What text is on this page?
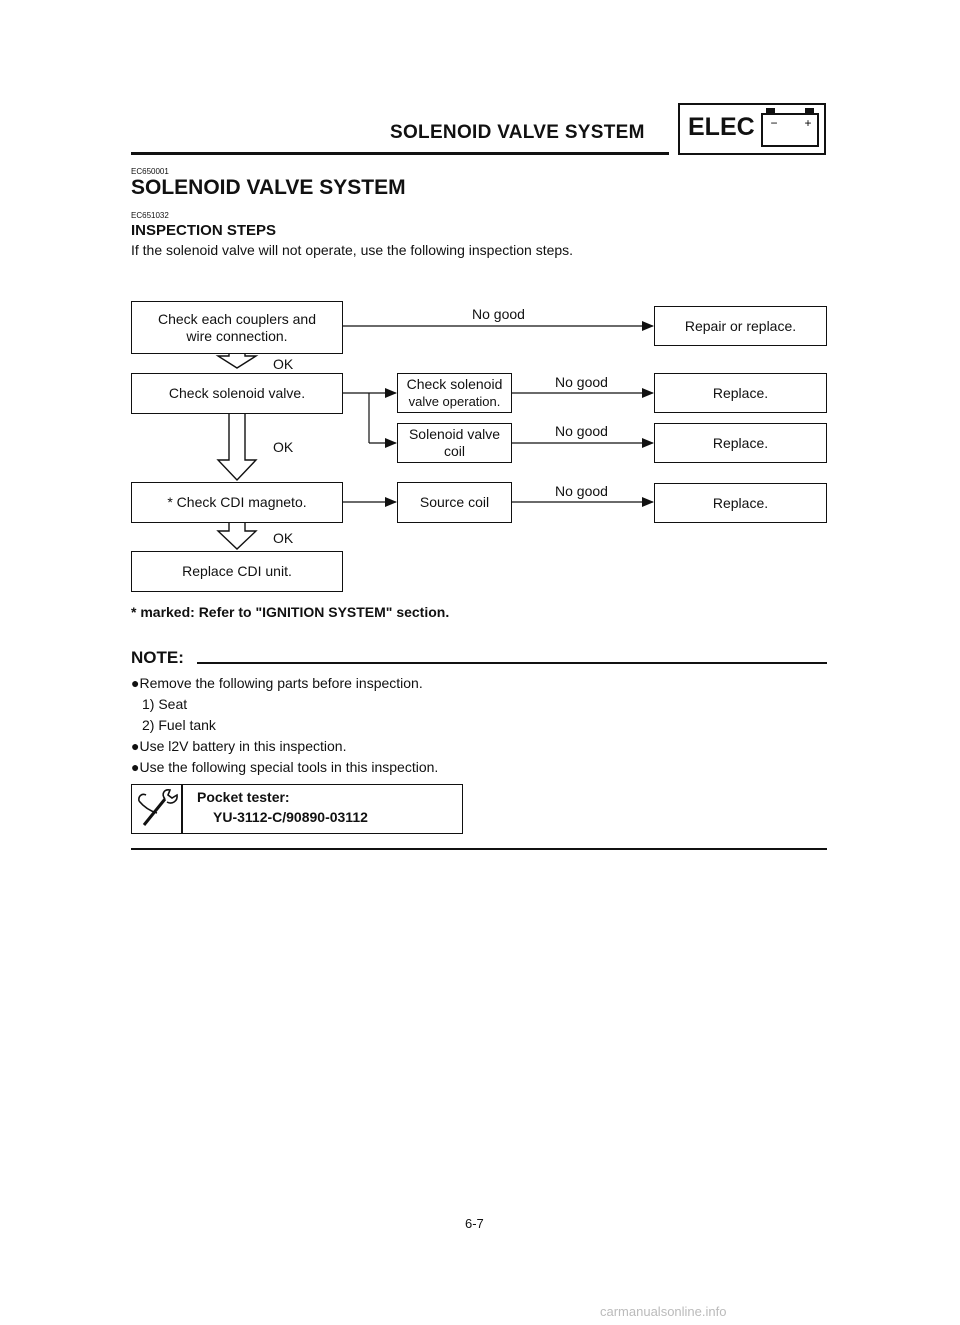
SOLENOID VALVE SYSTEM ELEC − +
EC650001
SOLENOID VALVE SYSTEM
EC651032
INSPECTION STEPS
If the solenoid valve will not operate, use the following inspection steps.
Check each couplers and
wire connection.
Check solenoid valve.
* Check CDI magneto.
Replace CDI unit.
Check solenoid
valve operation.
Solenoid valve
coil
Source coil
Repair or replace.
Replace.
Replace.
Replace.
No good
No good
No good
No good
OK
OK
OK
* marked: Refer to "IGNITION SYSTEM" section.
NOTE:
●Remove the following parts before inspection.
1) Seat
2) Fuel tank
●Use l2V battery in this inspection.
●Use the following special tools in this inspection.
Pocket tester:
YU-3112-C/90890-03112
6-7
carmanualsonline.info
